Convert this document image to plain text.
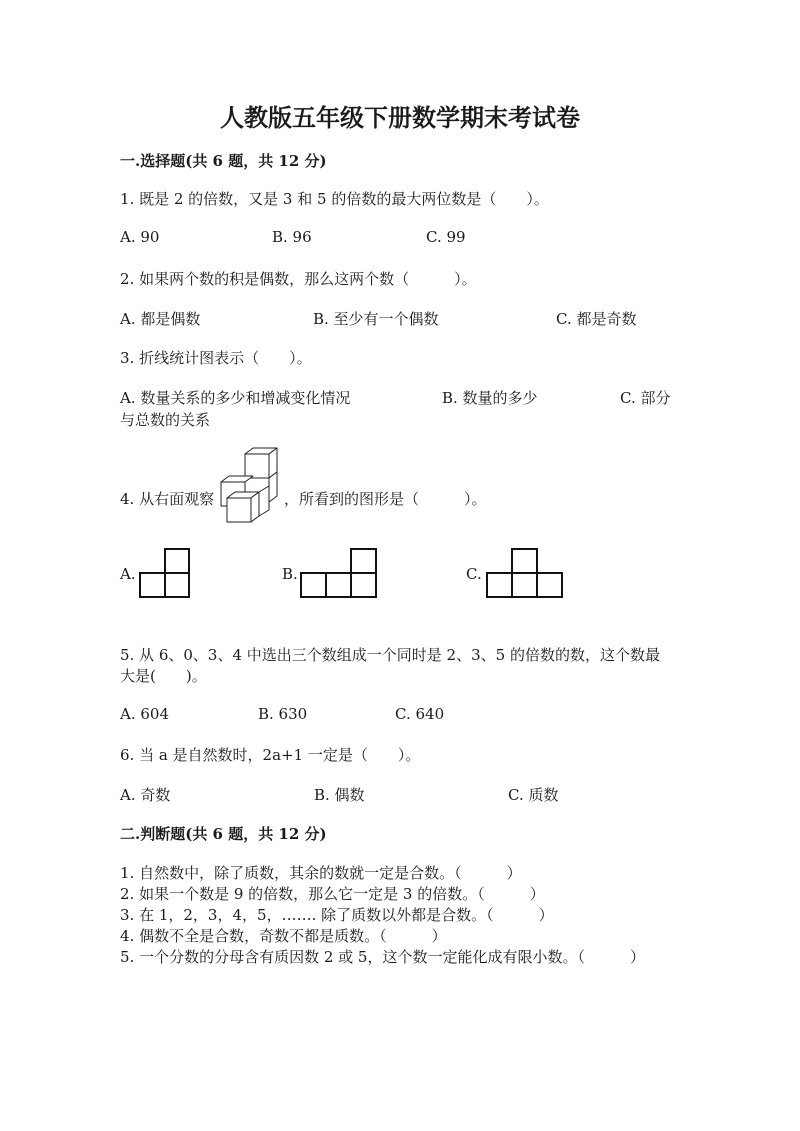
人教版五年级下册数学期末考试卷
一.选择题(共 6 题，共 12 分)
1. 既是 2 的倍数，又是 3 和 5 的倍数的最大两位数是（　　）。
A. 90	B. 96	C. 99
2. 如果两个数的积是偶数，那么这两个数（　　　）。
A. 都是偶数	B. 至少有一个偶数	C. 都是奇数
3. 折线统计图表示（　　）。
A. 数量关系的多少和增减变化情况	B. 数量的多少	C. 部分
与总数的关系
4. 从右面观察	，所看到的图形是（　　　）。
A.	B.	C.
5. 从 6、0、3、4 中选出三个数组成一个同时是 2、3、5 的倍数的数，这个数最
大是(　　)。
A. 604	B. 630	C. 640
6. 当 a 是自然数时，2a+1 一定是（　　）。
A. 奇数	B. 偶数	C. 质数
二.判断题(共 6 题，共 12 分)
1. 自然数中，除了质数，其余的数就一定是合数。（　　　）
2. 如果一个数是 9 的倍数，那么它一定是 3 的倍数。（　　　）
3. 在 1，2，3，4，5，……. 除了质数以外都是合数。（　　　）
4. 偶数不全是合数，奇数不都是质数。（　　　）
5. 一个分数的分母含有质因数 2 或 5，这个数一定能化成有限小数。（　　　）
